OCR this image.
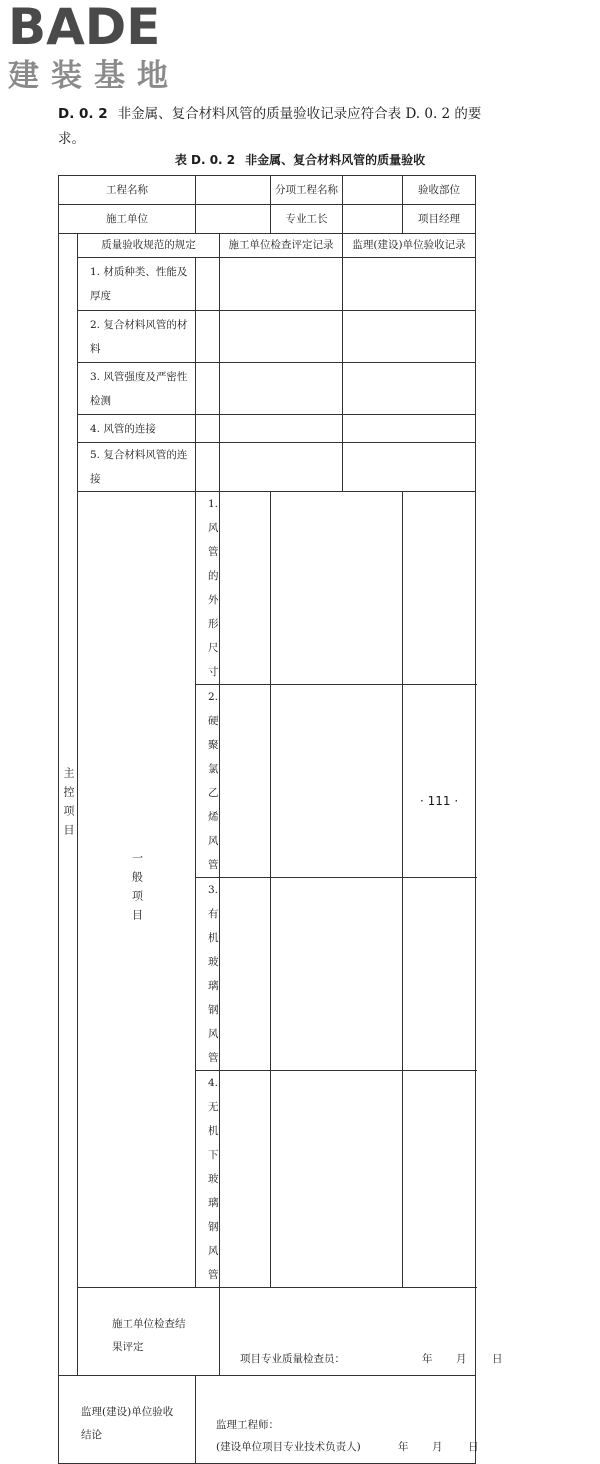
BADE
建装基地
D. 0. 2 非金属、复合材料风管的质量验收记录应符合表 D. 0. 2 的要求。
表 D. 0. 2 非金属、复合材料风管的质量验收
工程名称				分项工程名称		验收部位
施工单位				专业工长		项目经理
主控项目	质量验收规范的规定		施工单位检查评定记录		监理(建设)单位验收记录	
	1. 材质种类、性能及厚度					
	2. 复合材料风管的材料					
	3. 风管强度及严密性检测					
	4. 风管的连接					
	5. 复合材料风管的连接					
	一般项目	1. 风管的外形尺寸				
		2. 硬聚氯乙烯风管				
		3. 有机玻璃钢风管				
		4. 无机下玻璃钢风管				

	施工单位检查结果评定		项目专业质量检查员： 年 月 日			

监理(建设)单位验收结论		监理工程师：
(建设单位项目专业技术负责人) 年 月 日				
· 111 ·
